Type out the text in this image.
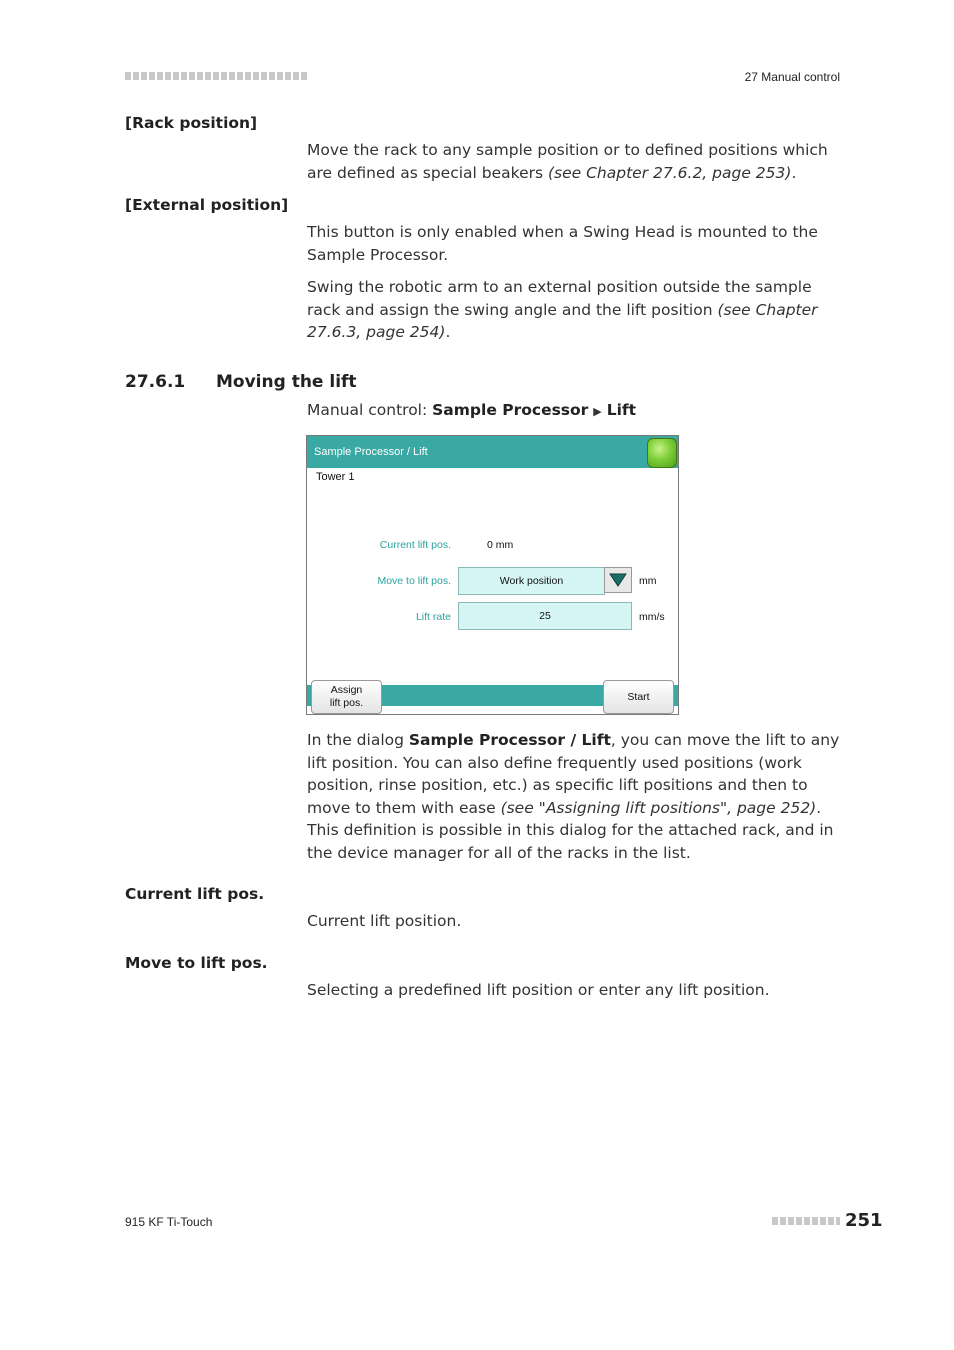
27 Manual control
[Rack position]
Move the rack to any sample position or to defined positions which are defined as special beakers (see Chapter 27.6.2, page 253).
[External position]
This button is only enabled when a Swing Head is mounted to the Sample Processor.
Swing the robotic arm to an external position outside the sample rack and assign the swing angle and the lift position (see Chapter 27.6.3, page 254).
27.6.1 Moving the lift
Manual control: Sample Processor ▶ Lift
Sample Processor / Lift
Tower 1
Current lift pos.	0 mm
Move to lift pos.	Work position	mm
Lift rate	25	mm/s
Assign
lift pos.	Start
In the dialog Sample Processor / Lift, you can move the lift to any lift position. You can also define frequently used positions (work position, rinse position, etc.) as specific lift positions and then to move to them with ease (see "Assigning lift positions", page 252). This definition is possible in this dialog for the attached rack, and in the device manager for all of the racks in the list.
Current lift pos.
Current lift position.
Move to lift pos.
Selecting a predefined lift position or enter any lift position.
915 KF Ti-Touch	251
